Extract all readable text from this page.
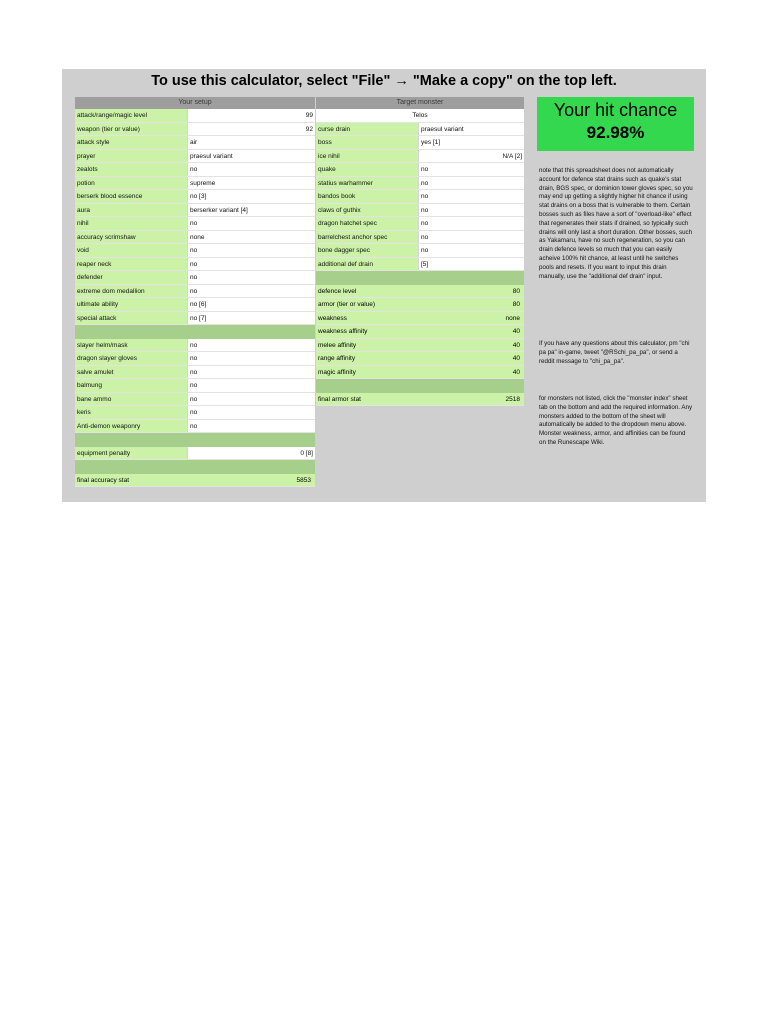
To use this calculator, select "File" → "Make a copy" on the top left.
Your setup
attack/range/magic level	99
weapon (tier or value)	92
attack style	air
prayer	praesul variant
zealots	no
potion	supreme
berserk blood essence	no [3]
aura	berserker variant [4]
nihil	no
accuracy scrimshaw	none
void	no
reaper neck	no
defender	no
extreme dom medallion	no
ultimate ability	no [6]
special attack	no [7]
slayer helm/mask	no
dragon slayer gloves	no
salve amulet	no
balmung	no
bane ammo	no
keris	no
Anti-demon weaponry	no
equipment penalty	0 [8]
final accuracy stat	5853
Target monster
Telos
curse drain	praesul variant
boss	yes [1]
ice nihil	N/A [2]
quake	no
statius warhammer	no
bandos book	no
claws of guthix	no
dragon hatchet spec	no
barrelchest anchor spec	no
bone dagger spec	no
additional def drain	[5]
defence level	80
armor (tier or value)	80
weakness	none
weakness affinity	40
melee affinity	40
range affinity	40
magic affinity	40
final armor stat	2518
Your hit chance
92.98%
note that this spreadsheet does not automatically account for defence stat drains such as quake's stat drain, BGS spec, or dominion tower gloves spec, so you may end up getting a slightly higher hit chance if using stat drains on a boss that is vulnerable to them. Certain bosses such as files have a sort of "overload-like" effect that regenerates their stats if drained, so typically such drains will only last a short duration. Other bosses, such as Yakamaru, have no such regeneration, so you can drain defence levels so much that you can easily acheive 100% hit chance, at least until he switches pools and resets. If you want to input this drain manually, use the "additional def drain" input.
If you have any questions about this calculator, pm "chi pa pa" in-game, tweet "@RSchi_pa_pa", or send a reddit message to "chi_pa_pa".
for monsters not listed, click the "monster index" sheet tab on the bottom and add the required information. Any monsters added to the bottom of the sheet will automatically be added to the dropdown menu above. Monster weakness, armor, and affinities can be found on the Runescape Wiki.
